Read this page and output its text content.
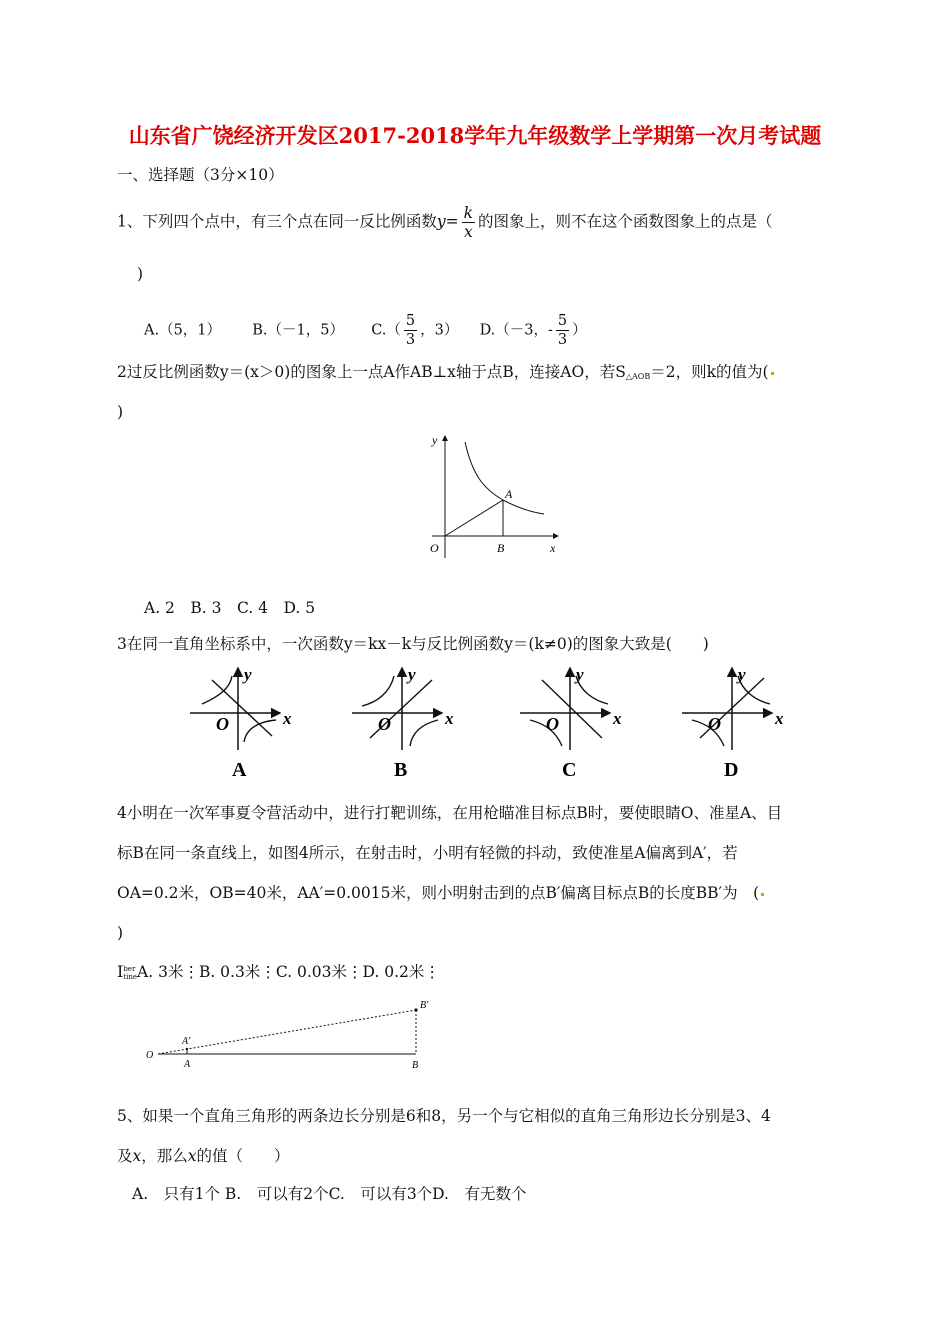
山东省广饶经济开发区2017-2018学年九年级数学上学期第一次月考试题
一、选择题（3分×10）
1、下列四个点中，有三个点在同一反比例函数$y= \frac{k}{x}$ 的图象上，则不在这个函数图象上的点是（
)
A.（5，1） B.（－1，5） $C.( \frac{5}{3}$ ，3） D.（－3，- $\frac{5}{3}$ ）
2过反比例函数y＝(x＞0)的图象上一点A作AB⊥x轴于点B，连接AO，若$S_{\triangle AOB}=2$，则k的值为(
)
y
x
O
A
B
A. 2　B. 3　C. 4　D. 5
3在同一直角坐标系中，一次函数y＝kx－k与反比例函数y＝(k≠0)的图象大致是(　　)
y
x
O
A
y
x
O
B
y
x
O
C
y
x
O
D
4小明在一次军事夏令营活动中，进行打靶训练，在用枪瞄准目标点B时，要使眼睛O、准星A、目
标B在同一条直线上，如图4所示，在射击时，小明有轻微的抖动，致使准星A偏离到A′，若
OA=0.2米，OB=40米，AA′=0.0015米，则小明射击到的点B′偏离目标点B的长度BB′为　(
)
I ber
tine A. 3米⋮B. 0.3米⋮C. 0.03米⋮D. 0.2米⋮
O
A
A′
B
B′
5、如果一个直角三角形的两条边长分别是6和8，另一个与它相似的直角三角形边长分别是3、4
及x，那么x的值（　　）
A.　只有1个 B.　可以有2个C.　可以有3个D.　有无数个
